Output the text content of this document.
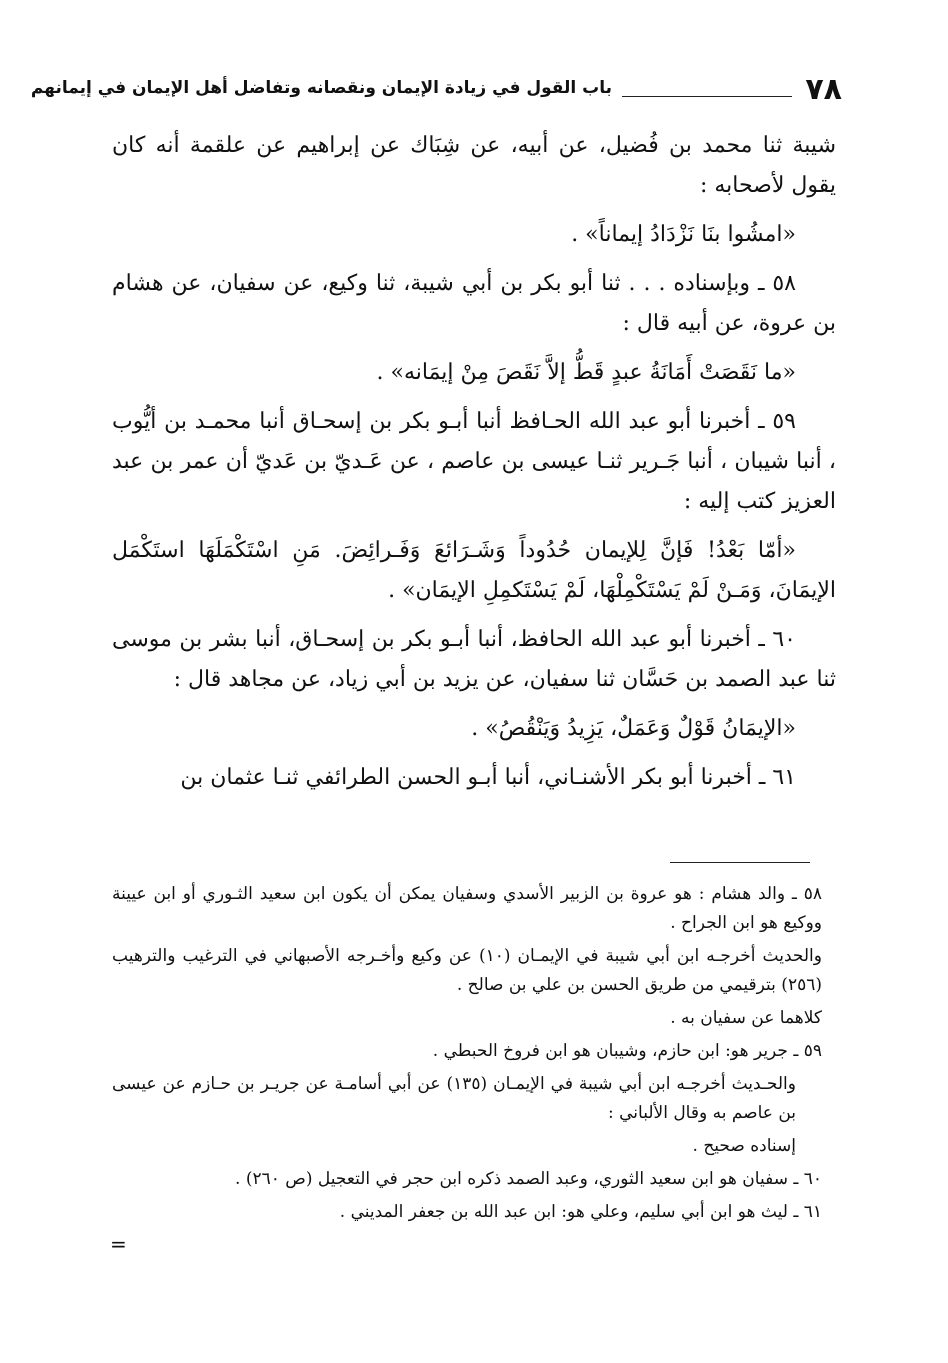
٧٨
باب القول في زيادة الإيمان ونقصانه وتفاضل أهل الإيمان في إيمانهم

شيبة ثنا محمد بن فُضيل، عن أبيه، عن شِبَاك عن إبراهيم عن علقمة أنه كان يقول لأصحابه :

«امشُوا بنَا نَزْدَادُ إيماناً» .

٥٨ ـ وبإسناده . . . ثنا أبو بكر بن أبي شيبة، ثنا وكيع، عن سفيان، عن هشام بن عروة، عن أبيه قال :

«ما نَقَصَتْ أَمَانَةُ عبدٍ قَطُّ إلاَّ نَقَصَ مِنْ إيمَانه» .

٥٩ ـ أخبرنا أبو عبد الله الحـافظ أنبا أبـو بكر بن إسحـاق أنبا محمـد بن أيُّوب ، أنبا شيبان ، أنبا جَـرير ثنـا عيسى بن عاصم ، عن عَـديّ بن عَديّ أن عمر بن عبد العزيز كتب إليه :

«أمّا بَعْدُ! فَإنَّ لِلإيمان حُدُوداً وَشَـرَائعَ وَفَـرائِضَ. مَنِ اسْتَكْمَلَهَا استَكْمَل الإيمَانَ، وَمَـنْ لَمْ يَسْتَكْمِلْهَا، لَمْ يَسْتَكمِلِ الإيمَان» .

٦٠ ـ أخبرنا أبو عبد الله الحافظ، أنبا أبـو بكر بن إسحـاق، أنبا بشر بن موسى ثنا عبد الصمد بن حَسَّان ثنا سفيان، عن يزيد بن أبي زياد، عن مجاهد قال :

«الإيمَانُ قَوْلٌ وَعَمَلٌ، يَزِيدُ وَيَنْقُصُ» .

٦١ ـ أخبرنا أبو بكر الأشنـاني، أنبا أبـو الحسن الطرائفي ثنـا عثمان بن

٥٨ ـ والد هشام : هو عروة بن الزبير الأسدي وسفيان يمكن أن يكون ابن سعيد الثـوري أو ابن عيينة ووكيع هو ابن الجراح .

والحديث أخرجـه ابن أبي شيبة في الإيمـان (١٠) عن وكيع وأخـرجه الأصبهاني في الترغيب والترهيب (٢٥٦) بترقيمي من طريق الحسن بن علي بن صالح .

كلاهما عن سفيان به .

٥٩ ـ جرير هو: ابن حازم، وشيبان هو ابن فروخ الحبطي .

والحـديث أخرجـه ابن أبي شيبة في الإيمـان (١٣٥) عن أبي أسامـة عن جريـر بن حـازم عن عيسى بن عاصم به وقال الألباني :

إسناده صحيح .

٦٠ ـ سفيان هو ابن سعيد الثوري، وعبد الصمد ذكره ابن حجر في التعجيل (ص ٢٦٠) .

٦١ ـ ليث هو ابن أبي سليم، وعلي هو: ابن عبد الله بن جعفر المديني .

=
